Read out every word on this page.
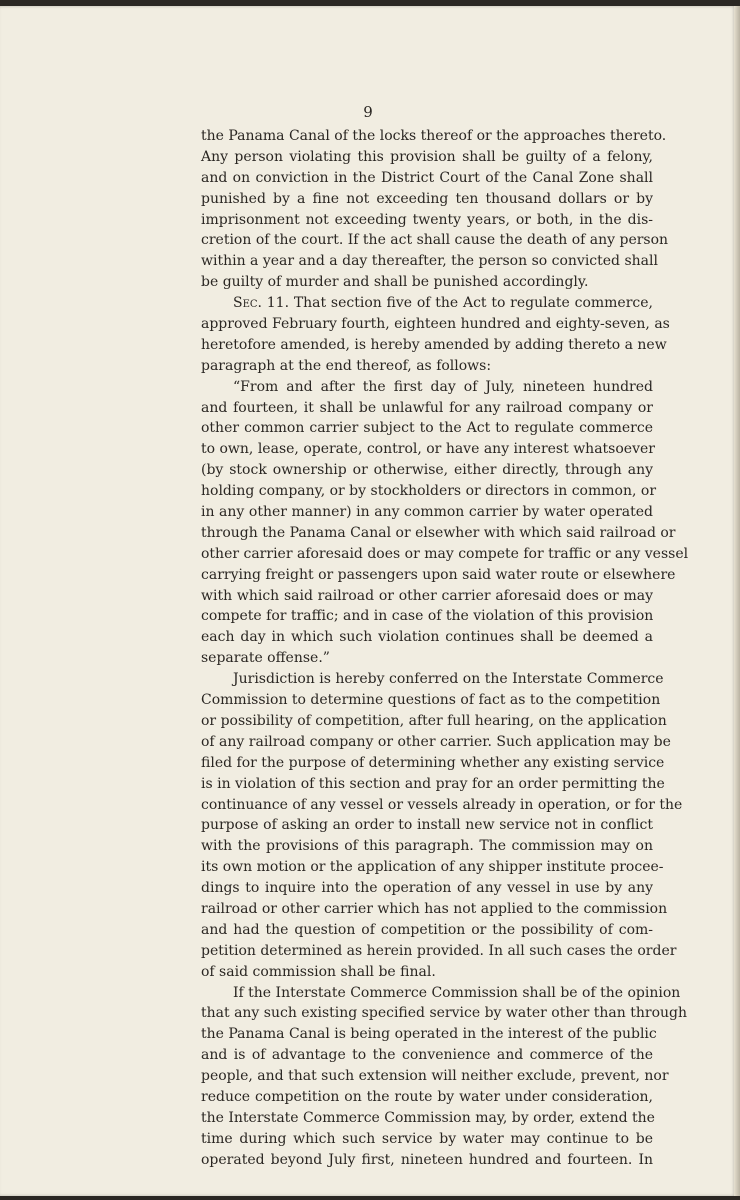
9
the Panama Canal of the locks thereof or the approaches thereto.
Any person violating this provision shall be guilty of a felony,
and on conviction in the District Court of the Canal Zone shall
punished by a fine not exceeding ten thousand dollars or by
imprisonment not exceeding twenty years, or both, in the dis-
cretion of the court. If the act shall cause the death of any person
within a year and a day thereafter, the person so convicted shall
be guilty of murder and shall be punished accordingly.
Sec. 11. That section five of the Act to regulate commerce,
approved February fourth, eighteen hundred and eighty-seven, as
heretofore amended, is hereby amended by adding thereto a new
paragraph at the end thereof, as follows:
“From and after the first day of July, nineteen hundred
and fourteen, it shall be unlawful for any railroad company or
other common carrier subject to the Act to regulate commerce
to own, lease, operate, control, or have any interest whatsoever
(by stock ownership or otherwise, either directly, through any
holding company, or by stockholders or directors in common, or
in any other manner) in any common carrier by water operated
through the Panama Canal or elsewher with which said railroad or
other carrier aforesaid does or may compete for traffic or any vessel
carrying freight or passengers upon said water route or elsewhere
with which said railroad or other carrier aforesaid does or may
compete for traffic; and in case of the violation of this provision
each day in which such violation continues shall be deemed a
separate offense.”
Jurisdiction is hereby conferred on the Interstate Commerce
Commission to determine questions of fact as to the competition
or possibility of competition, after full hearing, on the application
of any railroad company or other carrier. Such application may be
filed for the purpose of determining whether any existing service
is in violation of this section and pray for an order permitting the
continuance of any vessel or vessels already in operation, or for the
purpose of asking an order to install new service not in conflict
with the provisions of this paragraph. The commission may on
its own motion or the application of any shipper institute procee-
dings to inquire into the operation of any vessel in use by any
railroad or other carrier which has not applied to the commission
and had the question of competition or the possibility of com-
petition determined as herein provided. In all such cases the order
of said commission shall be final.
If the Interstate Commerce Commission shall be of the opinion
that any such existing specified service by water other than through
the Panama Canal is being operated in the interest of the public
and is of advantage to the convenience and commerce of the
people, and that such extension will neither exclude, prevent, nor
reduce competition on the route by water under consideration,
the Interstate Commerce Commission may, by order, extend the
time during which such service by water may continue to be
operated beyond July first, nineteen hundred and fourteen. In
